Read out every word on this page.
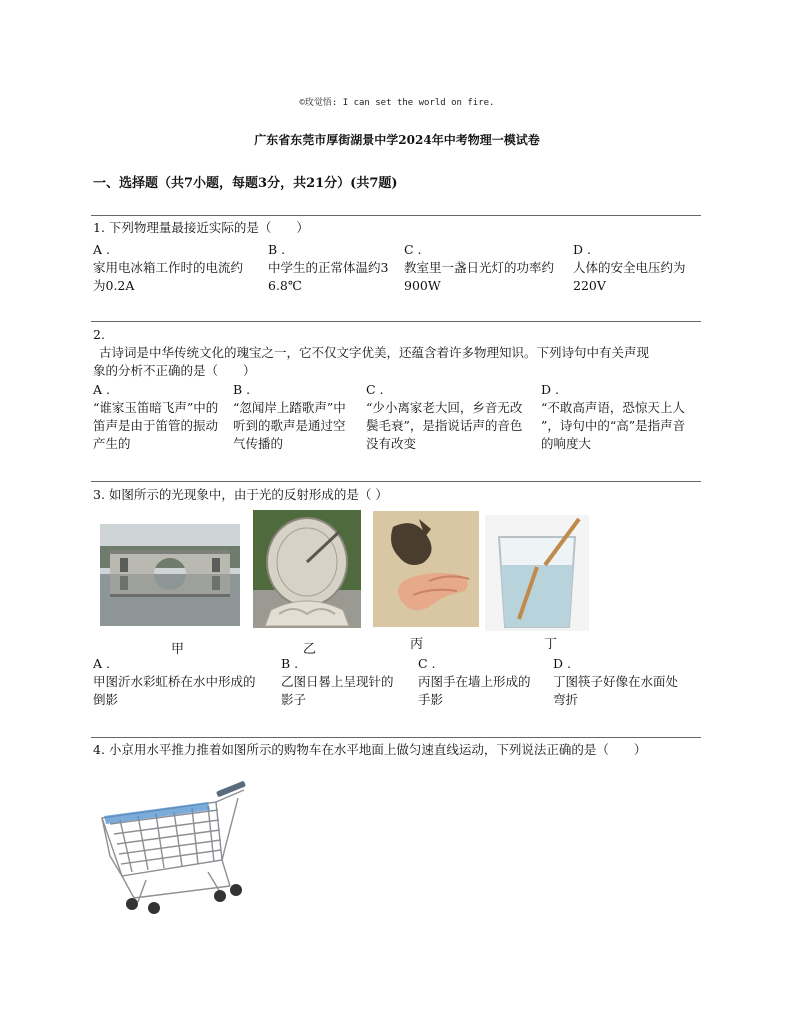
©玫觉悟: I can set the world on fire.
广东省东莞市厚街湖景中学2024年中考物理一模试卷
一、选择题（共7小题，每题3分，共21分）(共7题)
1. 下列物理量最接近实际的是（　　）
A .
家用电冰箱工作时的电流约
为0.2A
B .
中学生的正常体温约3
6.8℃
C .
教室里一盏日光灯的功率约
900W
D .
人体的安全电压约为
220V
2.
古诗词是中华传统文化的瑰宝之一，它不仅文字优美，还蕴含着许多物理知识。下列诗句中有关声现
象的分析不正确的是（　　）
A .
“谁家玉笛暗飞声”中的
笛声是由于笛管的振动
产生的
B .
“忽闻岸上踏歌声”中
听到的歌声是通过空
气传播的
C .
“少小离家老大回，乡音无改
鬓毛衰”，是指说话声的音色
没有改变
D .
“不敢高声语，恐惊天上人
”，诗句中的“高”是指声音
的响度大
3. 如图所示的光现象中，由于光的反射形成的是（ ）
甲	乙	丙	丁
A .
甲图沂水彩虹桥在水中形成的
倒影
B .
乙图日晷上呈现针的
影子
C .
丙图手在墙上形成的
手影
D .
丁图筷子好像在水面处
弯折
4. 小京用水平推力推着如图所示的购物车在水平地面上做匀速直线运动，下列说法正确的是（　　）
